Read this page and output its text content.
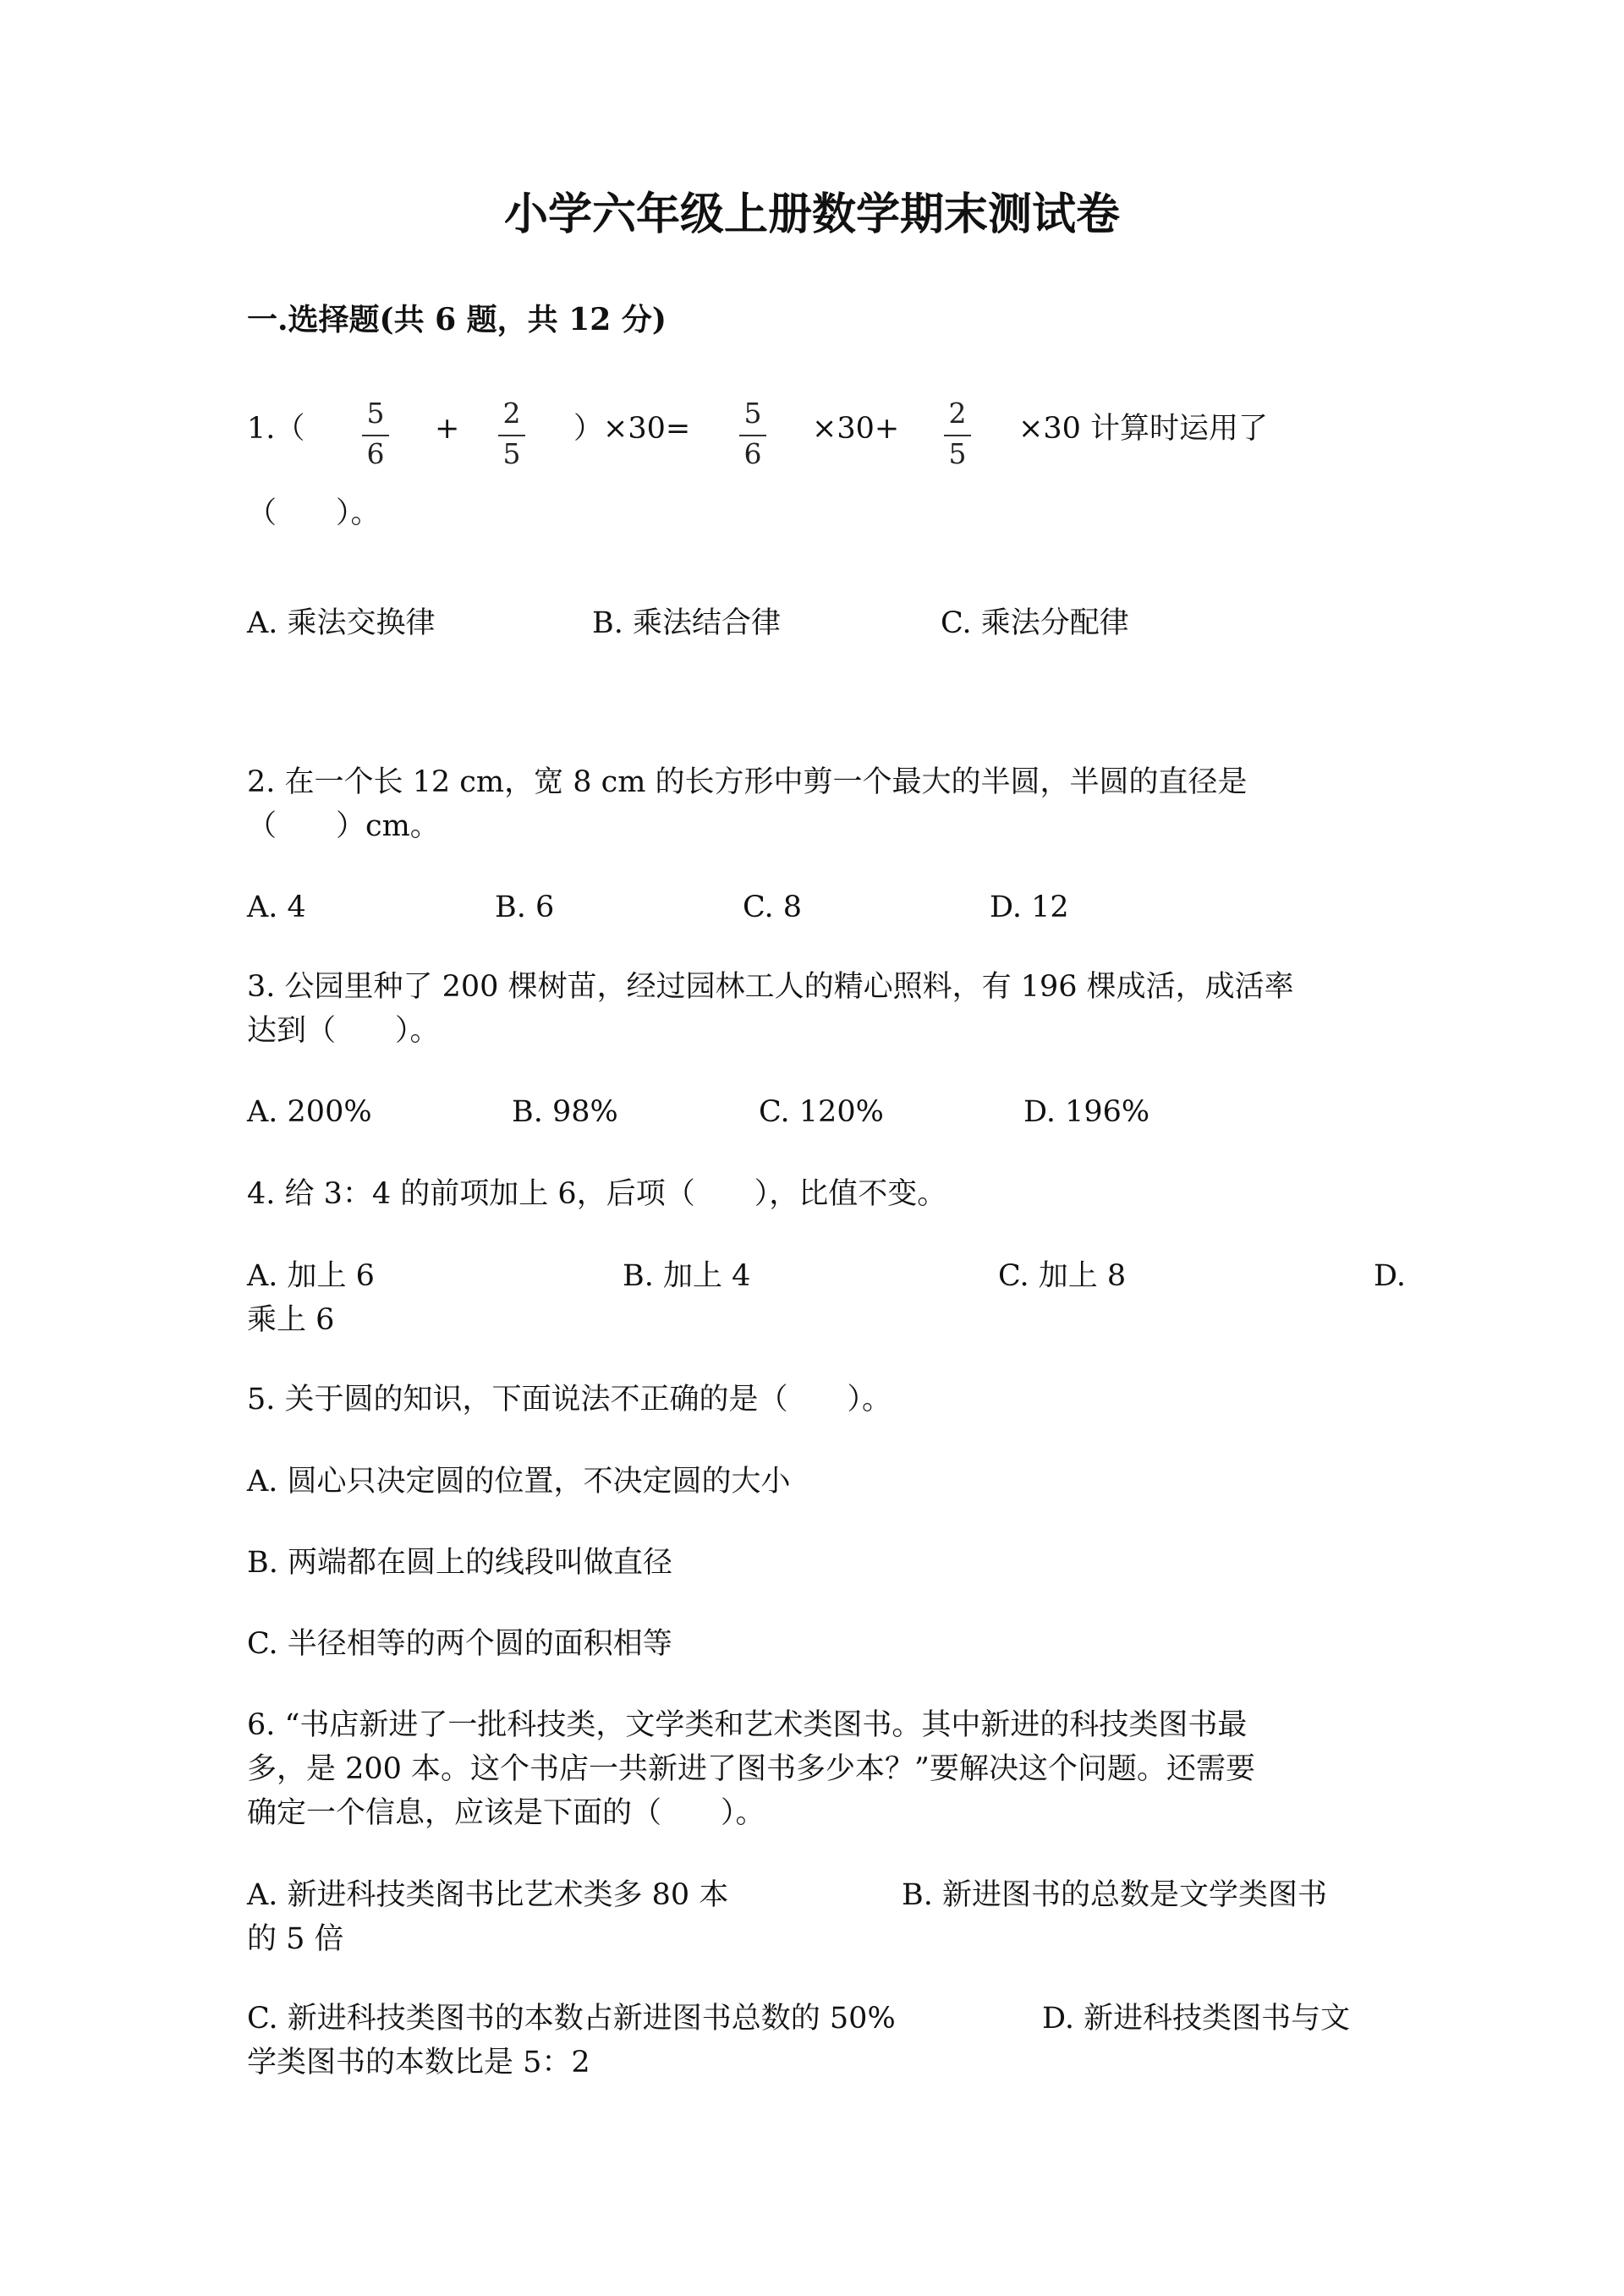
小学六年级上册数学期末测试卷
一.选择题(共 6 题，共 12 分)
1.（ 5
6
+ 2
5
）×30= 5
6
×30+ 2
5
×30 计算时运用了
（　　）。
A. 乘法交换律	B. 乘法结合律	C. 乘法分配律
2. 在一个长 12 cm，宽 8 cm 的长方形中剪一个最大的半圆，半圆的直径是
（　　）cm。
A. 4	B. 6	C. 8	D. 12
3. 公园里种了 200 棵树苗，经过园林工人的精心照料，有 196 棵成活，成活率
达到（　　）。
A. 200%	B. 98%	C. 120%	D. 196%
4. 给 3：4 的前项加上 6，后项（　　），比值不变。
A. 加上 6	B. 加上 4	C. 加上 8	D.
乘上 6
5. 关于圆的知识，下面说法不正确的是（　　）。
A. 圆心只决定圆的位置，不决定圆的大小
B. 两端都在圆上的线段叫做直径
C. 半径相等的两个圆的面积相等
6. “书店新进了一批科技类，文学类和艺术类图书。其中新进的科技类图书最
多，是 200 本。这个书店一共新进了图书多少本？”要解决这个问题。还需要
确定一个信息，应该是下面的（　　）。
A. 新进科技类阁书比艺术类多 80 本	B. 新进图书的总数是文学类图书
的 5 倍
C. 新进科技类图书的本数占新进图书总数的 50%	D. 新进科技类图书与文
学类图书的本数比是 5：2
